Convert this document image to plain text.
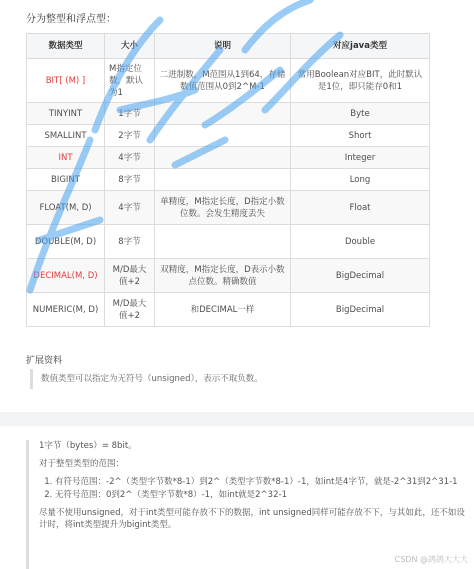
分为整型和浮点型：
数据类型	大小	说明	对应java类型
BIT[ (M) ]	M指定位数，默认为1	二进制数，M范围从1到64，存储数值范围从0到2^M-1	常用Boolean对应BIT，此时默认是1位，即只能存0和1
TINYINT	1字节		Byte
SMALLINT	2字节		Short
INT	4字节		Integer
BIGINT	8字节		Long
FLOAT(M, D)	4字节	单精度，M指定长度，D指定小数位数。会发生精度丢失	Float
DOUBLE(M, D)	8字节		Double
DECIMAL(M, D)	M/D最大值+2	双精度，M指定长度，D表示小数点位数。精确数值	BigDecimal
NUMERIC(M, D)	M/D最大值+2	和DECIMAL一样	BigDecimal
扩展资料
数值类型可以指定为无符号（unsigned），表示不取负数。

1字节（bytes）= 8bit。

对于整型类型的范围：

1. 有符号范围：-2^（类型字节数*8-1）到2^（类型字节数*8-1）-1，如int是4字节，就是-2^31到2^31-1
2. 无符号范围：0到2^（类型字节数*8）-1，如int就是2^32-1

尽量不使用unsigned，对于int类型可能存放不下的数据，int unsigned同样可能存放不下，与其如此，还不如设计时，将int类型提升为bigint类型。

CSDN @鸽鸽大大大
